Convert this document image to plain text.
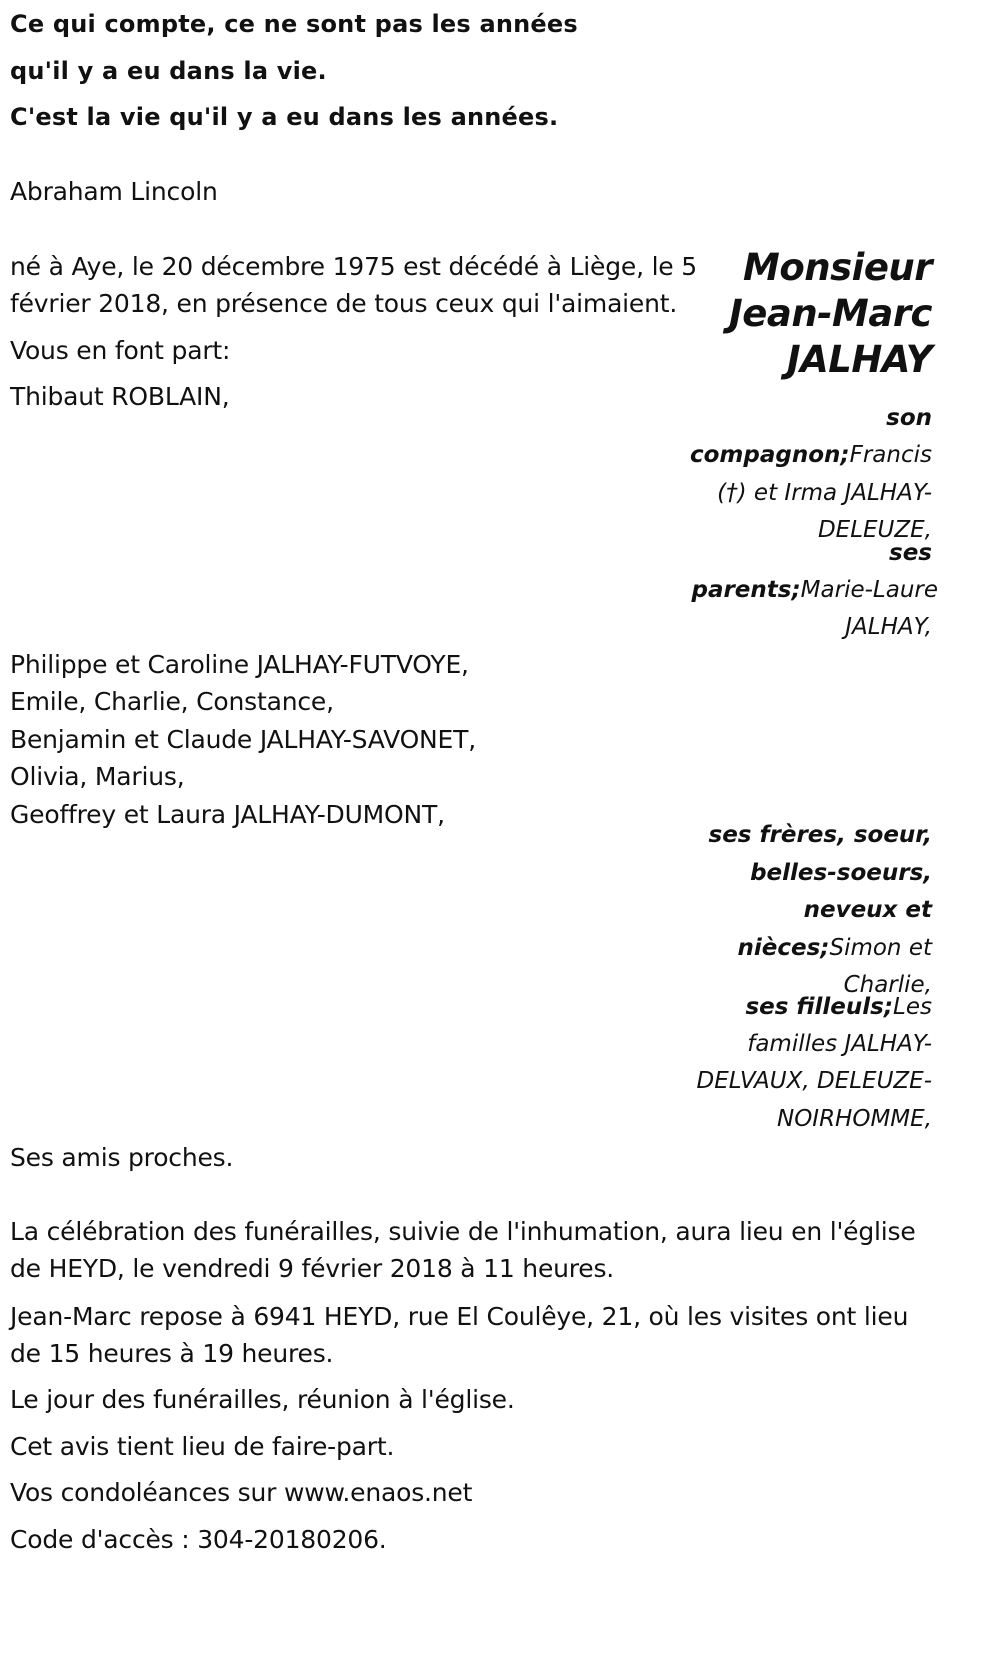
Ce qui compte, ce ne sont pas les années
qu'il y a eu dans la vie.
C'est la vie qu'il y a eu dans les années.
Abraham Lincoln
Monsieur
Jean-Marc
JALHAY
né à Aye, le 20 décembre 1975 est décédé à Liège, le 5
février 2018, en présence de tous ceux qui l'aimaient.
Vous en font part:
Thibaut ROBLAIN,
son
compagnon;Francis
(†) et Irma JALHAY-
DELEUZE,
ses
parents;Marie-Laure
JALHAY,
Philippe et Caroline JALHAY-FUTVOYE,
Emile, Charlie, Constance,
Benjamin et Claude JALHAY-SAVONET,
Olivia, Marius,
Geoffrey et Laura JALHAY-DUMONT,
ses frères, soeur,
belles-soeurs,
neveux et
nièces;Simon et
Charlie,
ses filleuls;Les
familles JALHAY-
DELVAUX, DELEUZE-
NOIRHOMME,
Ses amis proches.
La célébration des funérailles, suivie de l'inhumation, aura lieu en l'église
de HEYD, le vendredi 9 février 2018 à 11 heures.
Jean-Marc repose à 6941 HEYD, rue El Coulêye, 21, où les visites ont lieu
de 15 heures à 19 heures.
Le jour des funérailles, réunion à l'église.
Cet avis tient lieu de faire-part.
Vos condoléances sur www.enaos.net
Code d'accès : 304-20180206.
